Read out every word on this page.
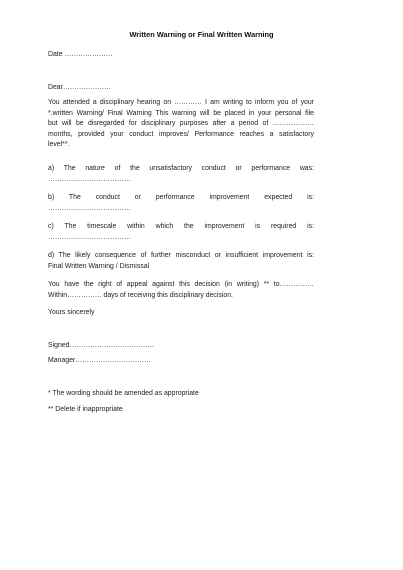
Written Warning or Final Written Warning
Date …………………
Dear…………………
You attended a disciplinary hearing on ………… I am writing to inform you of your
*.written Warning/ Final Warning This warning will be placed in your personal file
but will be disregarded for disciplinary purposes after a period of ………………
months, provided your conduct improves/ Performance reaches a satisfactory
level**.
a) The nature of the unsatisfactory conduct or performance was:
………………………………
b) The conduct or performance improvement expected is:
………………………………
c) The timescale within which the improvement is required is:
………………………………
d) The likely consequence of further misconduct or insufficient improvement is:
Final Written Warning / Dismissal
You have the right of appeal against this decision (in writing) ** to……………
Within…………… days of receiving this disciplinary decision.
Yours sincerely
Signed……………………………….
Manager……………………………
* The wording should be amended as appropriate
** Delete if inappropriate
